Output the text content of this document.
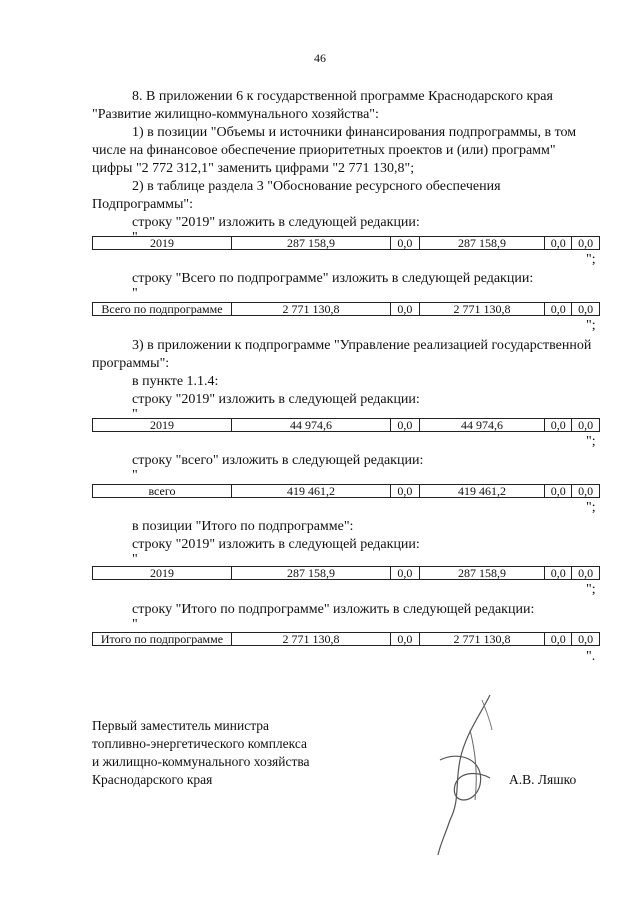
46
8. В приложении 6 к государственной программе Краснодарского края
"Развитие жилищно-коммунального хозяйства":
1) в позиции "Объемы и источники финансирования подпрограммы, в том
числе на финансовое обеспечение приоритетных проектов и (или) программ"
цифры "2 772 312,1" заменить цифрами "2 771 130,8";
2) в таблице раздела 3 "Обоснование ресурсного обеспечения
Подпрограммы":
строку "2019" изложить в следующей редакции:
"	2019	287 158,9	0,0	287 158,9	0,0	0,0
";
строку "Всего по подпрограмме" изложить в следующей редакции:
"
Всего по подпрограмме	2 771 130,8	0,0	2 771 130,8	0,0	0,0
";
3) в приложении к подпрограмме "Управление реализацией государственной
программы":
в пункте 1.1.4:
строку "2019" изложить в следующей редакции:
"
2019	44 974,6	0,0	44 974,6	0,0	0,0
";
строку "всего" изложить в следующей редакции:
"
всего	419 461,2	0,0	419 461,2	0,0	0,0
";
в позиции "Итого по подпрограмме":
строку "2019" изложить в следующей редакции:
"
2019	287 158,9	0,0	287 158,9	0,0	0,0
";
строку "Итого по подпрограмме" изложить в следующей редакции:
"
Итого по подпрограмме	2 771 130,8	0,0	2 771 130,8	0,0	0,0
".
Первый заместитель министра
топливно-энергетического комплекса
и жилищно-коммунального хозяйства
Краснодарского края	А.В. Ляшко
